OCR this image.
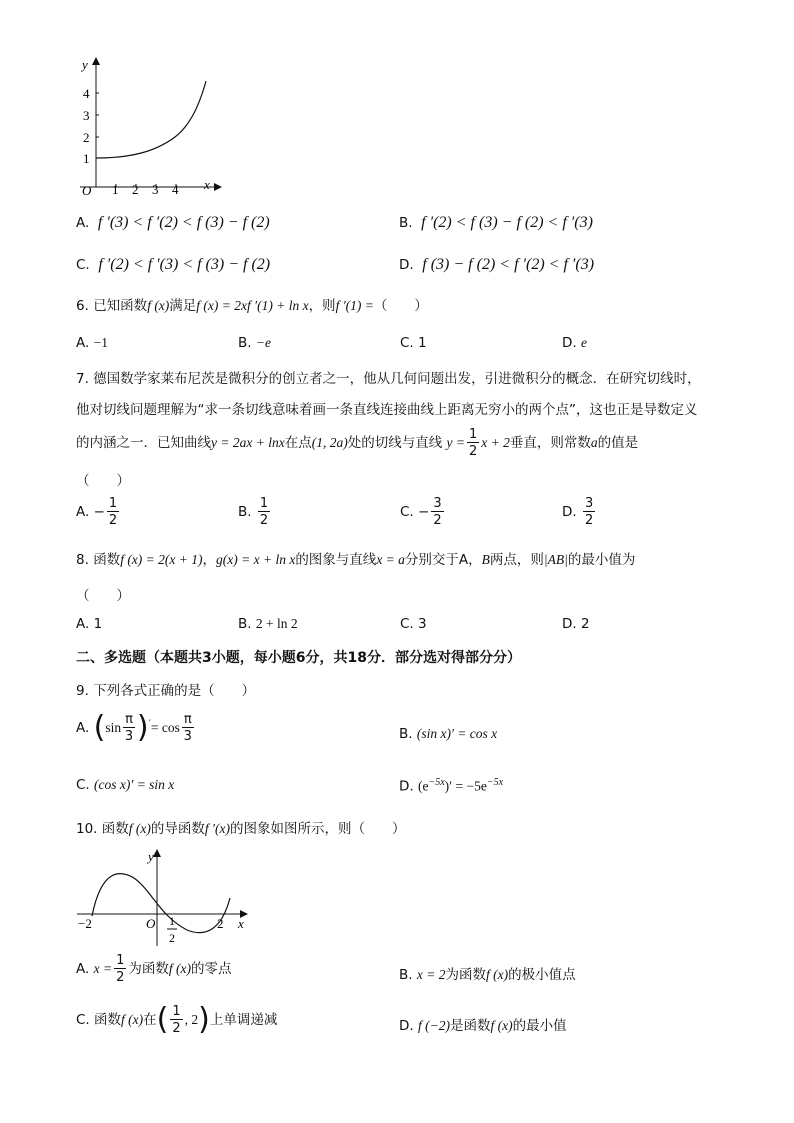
y
x
O
1
2
3
4
1 2 3 4
A. f ′(3) < f ′(2) < f (3) − f (2)	B. f ′(2) < f (3) − f (2) < f ′(3)
C. f ′(2) < f ′(3) < f (3) − f (2)	D. f (3) − f (2) < f ′(2) < f ′(3)
6. 已知函数f (x)满足f (x) = 2xf ′(1) + ln x，则f ′(1) =（　　）
A. −1	B. −e	C. 1	D. e
7. 德国数学家莱布尼茨是微积分的创立者之一，他从几何问题出发，引进微积分的概念．在研究切线时，
他对切线问题理解为“求一条切线意味着画一条直线连接曲线上距离无穷小的两个点”，这也正是导数定义
的内涵之一．已知曲线y = 2ax + lnx在点(1, 2a)处的切线与直线 $y = \frac{1}{2}$ x + 2垂直，则常数a的值是
（　　）
A. − $\frac{1}{2}$	B. $\frac{1}{2}$	C. − $\frac{3}{2}$	D. $\frac{3}{2}$
8. 函数f (x) = 2(x + 1)，g(x) = x + ln x的图象与直线x = a分别交于A，B两点，则|AB|的最小值为
（　　）
A. 1	B. 2 + ln 2	C. 3	D. 2
二、多选题（本题共3小题，每小题6分，共18分．部分选对得部分分）
9. 下列各式正确的是（　　）
A. $(\sin \frac{\pi}{3} )'= \cos \frac{\pi}{3}$	B. (sin x)′ = cos x
C. (cos x)′ = sin x	D. $(e^{-5x})' = -5e^{-5x}$
10. 函数f (x)的导函数f ′(x)的图象如图所示，则（　　）
y
x
O
−2	2
1
2
A. $x = \frac{1}{2}$ 为函数f (x)的零点	B. x = 2为函数f (x)的极小值点
C. 函数f (x)在( $\frac{1}{2}$ , 2)上单调递减	D. f (−2)是函数f (x)的最小值
